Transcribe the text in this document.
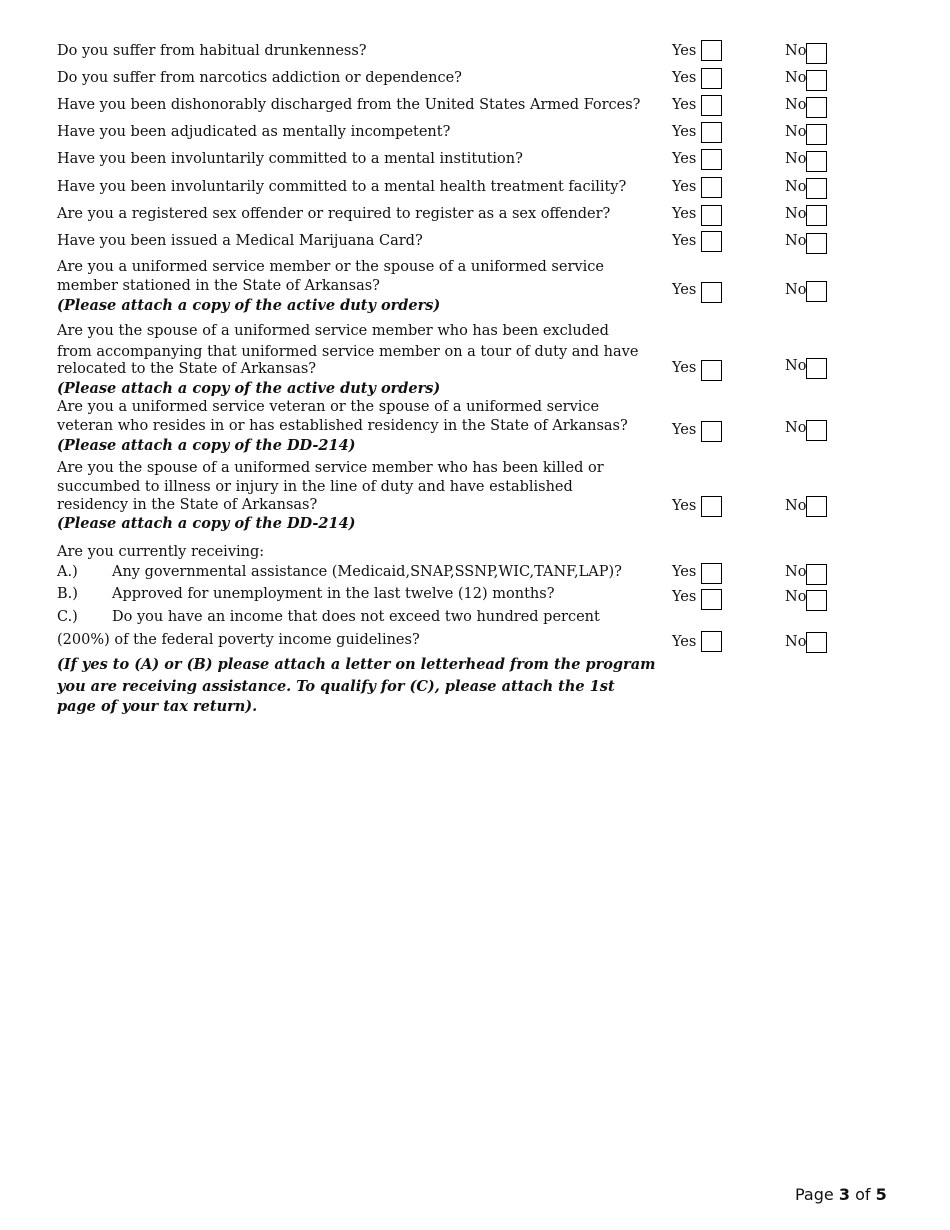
Do you suffer from habitual drunkenness?	Yes	No
Do you suffer from narcotics addiction or dependence?	Yes	No
Have you been dishonorably discharged from the United States Armed Forces? Yes	No
Have you been adjudicated as mentally incompetent?	Yes	No
Have you been involuntarily committed to a mental institution?	Yes	No
Have you been involuntarily committed to a mental health treatment facility?	Yes	No
Are you a registered sex offender or required to register as a sex offender?	Yes	No
Have you been issued a Medical Marijuana Card?	Yes	No
Are you a uniformed service member or the spouse of a uniformed service
member stationed in the State of Arkansas?
(Please attach a copy of the active duty orders)
Yes	No
Are you the spouse of a uniformed service member who has been excluded
from accompanying that uniformed service member on a tour of duty and have
relocated to the State of Arkansas?
(Please attach a copy of the active duty orders)
Yes	No
Are you a uniformed service veteran or the spouse of a uniformed service
veteran who resides in or has established residency in the State of Arkansas?
(Please attach a copy of the DD-214)
Yes	No
Are you the spouse of a uniformed service member who has been killed or
succumbed to illness or injury in the line of duty and have established
residency in the State of Arkansas?
(Please attach a copy of the DD-214)
Yes	No
Are you currently receiving:
A.) Any governmental assistance (Medicaid,SNAP,SSNP,WIC,TANF,LAP)?	Yes	No
B.) Approved for unemployment in the last twelve (12) months?	Yes	No
C.) Do you have an income that does not exceed two hundred percent
(200%) of the federal poverty income guidelines?	Yes	No
(If yes to (A) or (B) please attach a letter on letterhead from the program
you are receiving assistance. To qualify for (C), please attach the 1st
page of your tax return).
Page 3 of 5
